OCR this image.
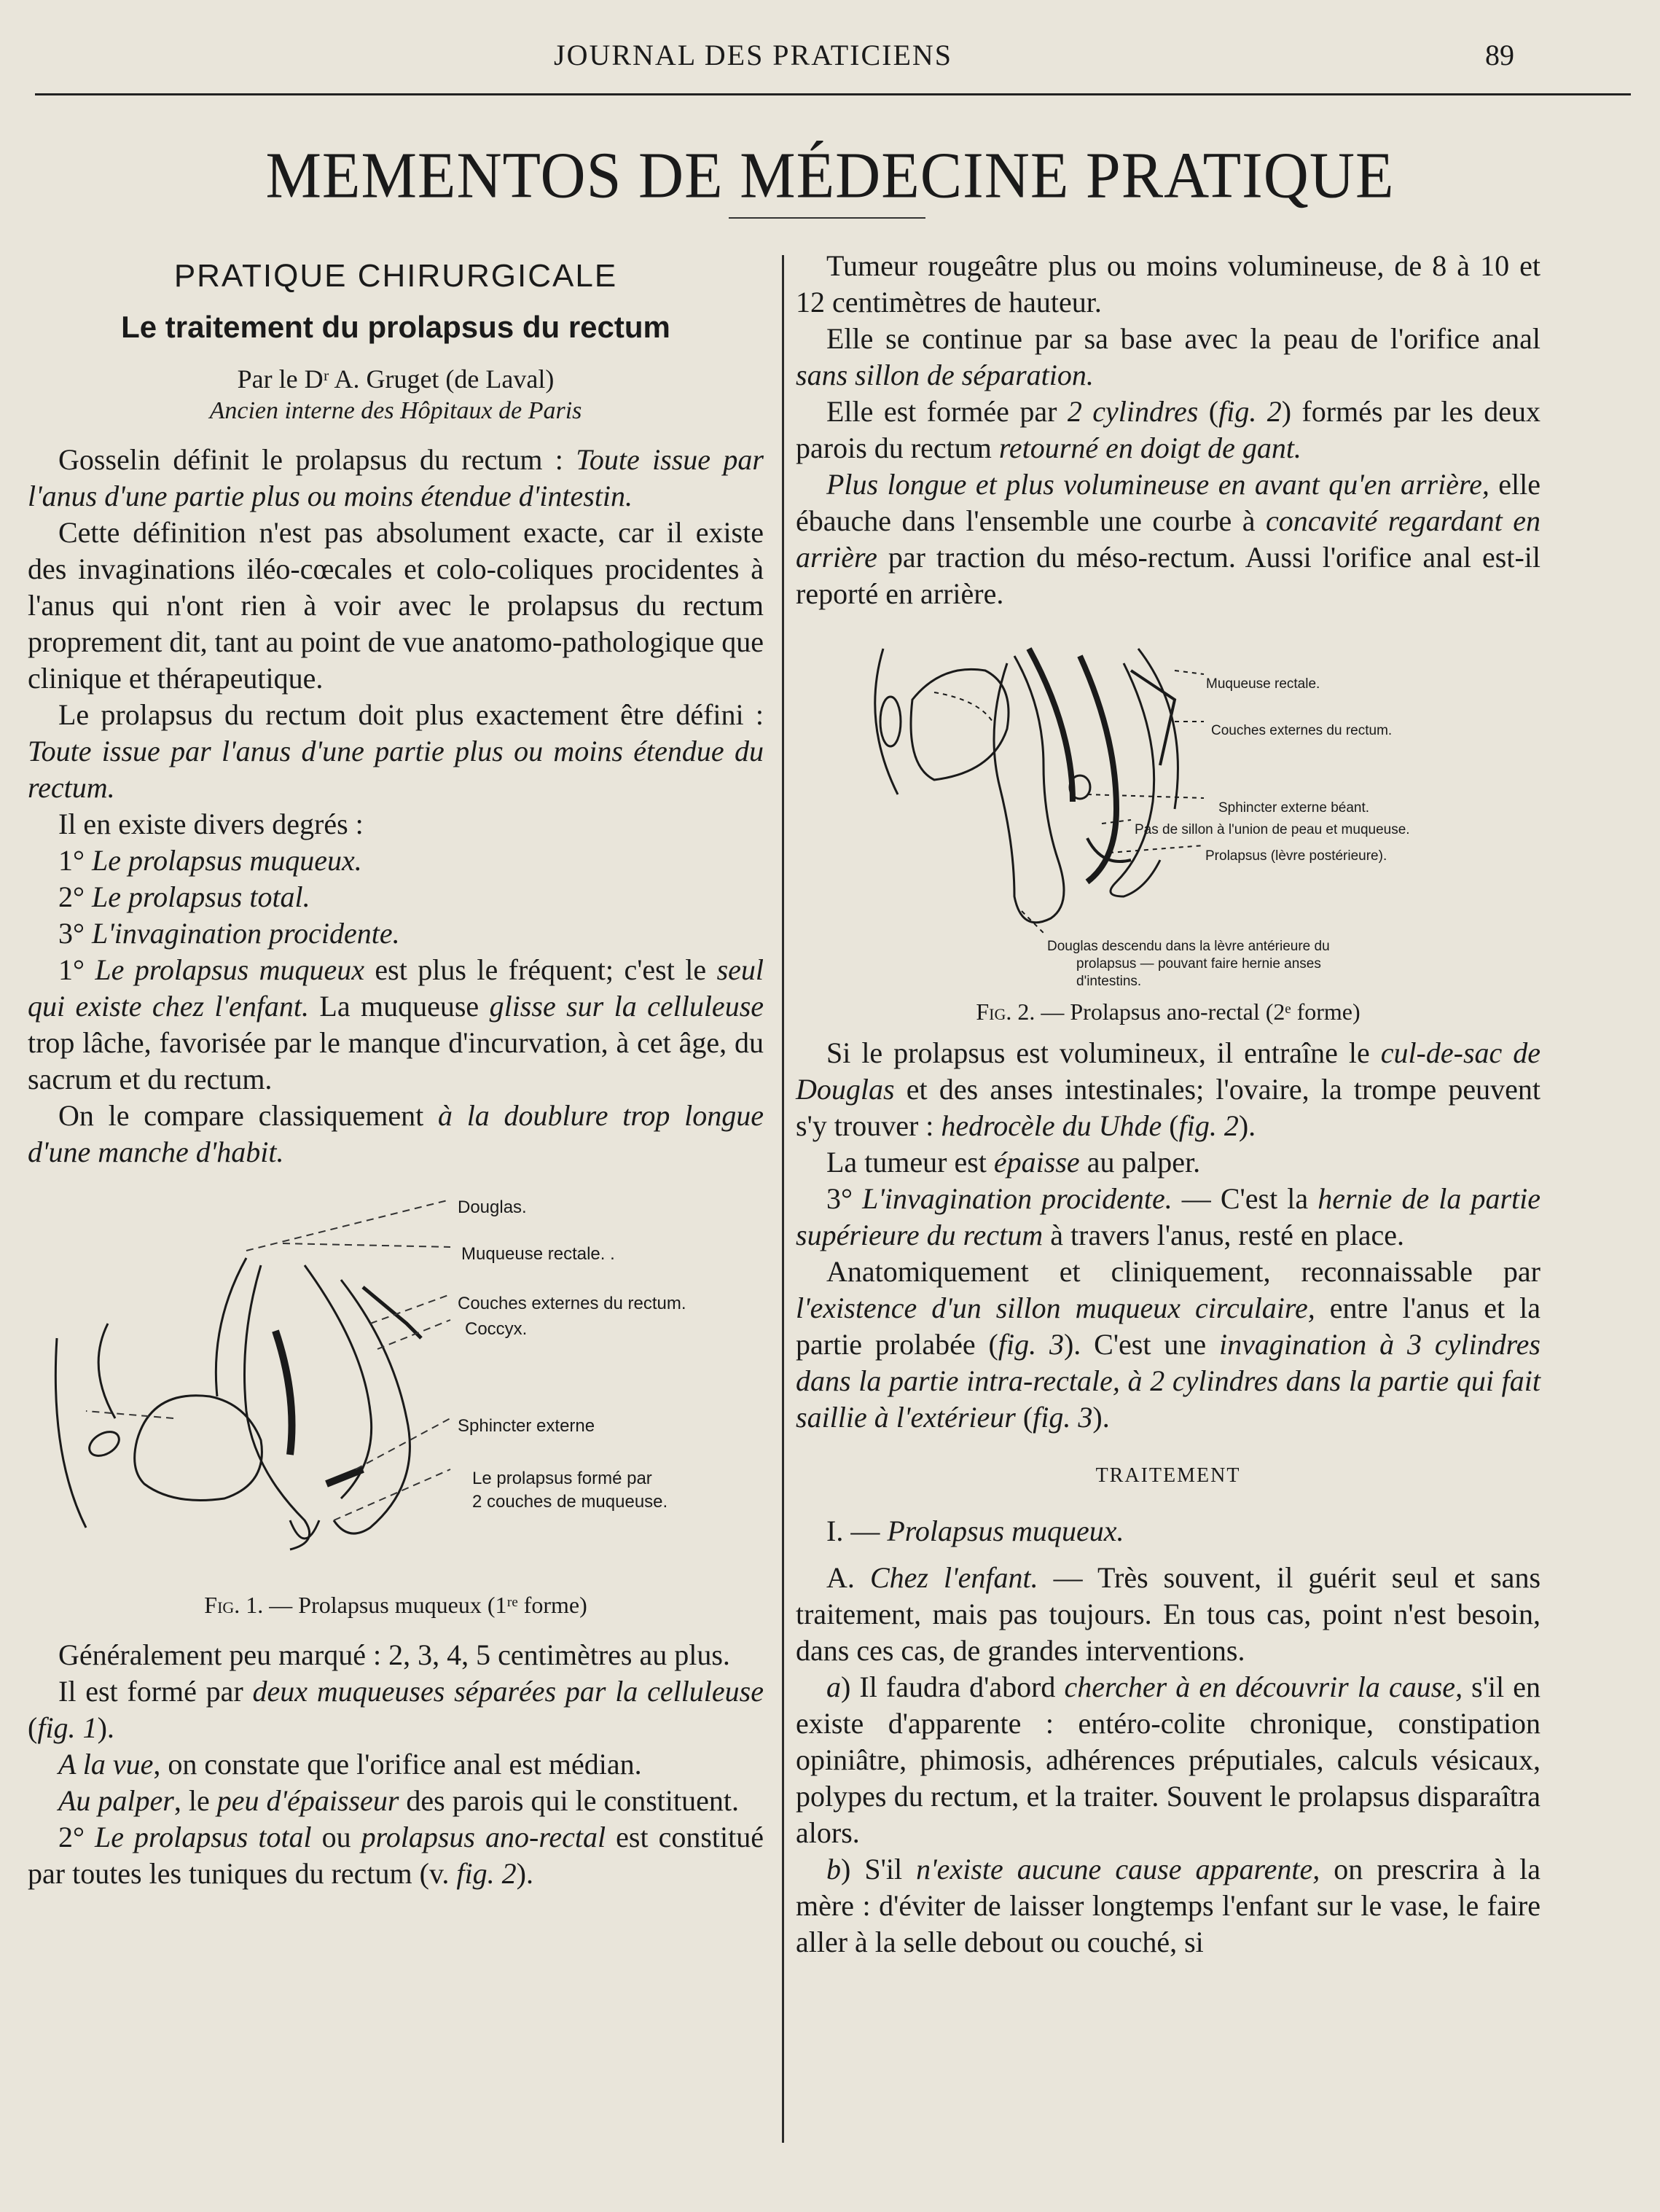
JOURNAL DES PRATICIENS	89
MEMENTOS DE MÉDECINE PRATIQUE
PRATIQUE CHIRURGICALE
Le traitement du prolapsus du rectum
Par le Dʳ A. Gruget (de Laval)
Ancien interne des Hôpitaux de Paris

Gosselin définit le prolapsus du rectum : Toute issue par l'anus d'une partie plus ou moins étendue d'intestin.

Cette définition n'est pas absolument exacte, car il existe des invaginations iléo-cœcales et colo-coliques procidentes à l'anus qui n'ont rien à voir avec le prolapsus du rectum proprement dit, tant au point de vue anatomo-pathologique que clinique et thérapeutique.

Le prolapsus du rectum doit plus exactement être défini : Toute issue par l'anus d'une partie plus ou moins étendue du rectum.

Il en existe divers degrés :

1° Le prolapsus muqueux.

2° Le prolapsus total.

3° L'invagination procidente.

1° Le prolapsus muqueux est plus le fréquent; c'est le seul qui existe chez l'enfant. La muqueuse glisse sur la celluleuse trop lâche, favorisée par le manque d'incurvation, à cet âge, du sacrum et du rectum.

On le compare classiquement à la doublure trop longue d'une manche d'habit.

Douglas.
Muqueuse rectale. .
Couches externes du rectum.
Coccyx.
Sphincter externe
Le prolapsus formé par
2 couches de muqueuse.
Fig. 1. — Prolapsus muqueux (1ʳᵉ forme)

Généralement peu marqué : 2, 3, 4, 5 centimètres au plus.

Il est formé par deux muqueuses séparées par la celluleuse (fig. 1).

A la vue, on constate que l'orifice anal est médian.

Au palper, le peu d'épaisseur des parois qui le constituent.

2° Le prolapsus total ou prolapsus ano-rectal est constitué par toutes les tuniques du rectum (v. fig. 2).

Tumeur rougeâtre plus ou moins volumineuse, de 8 à 10 et 12 centimètres de hauteur.

Elle se continue par sa base avec la peau de l'orifice anal sans sillon de séparation.

Elle est formée par 2 cylindres (fig. 2) formés par les deux parois du rectum retourné en doigt de gant.

Plus longue et plus volumineuse en avant qu'en arrière, elle ébauche dans l'ensemble une courbe à concavité regardant en arrière par traction du méso-rectum. Aussi l'orifice anal est-il reporté en arrière.

Muqueuse rectale.
Couches externes du rectum.
Sphincter externe béant.
Pas de sillon à l'union de peau et muqueuse.
Prolapsus (lèvre postérieure).
Douglas descendu dans la lèvre antérieure du
prolapsus — pouvant faire hernie anses
d'intestins.
Fig. 2. — Prolapsus ano-rectal (2ᵉ forme)

Si le prolapsus est volumineux, il entraîne le cul-de-sac de Douglas et des anses intestinales; l'ovaire, la trompe peuvent s'y trouver : hedrocèle du Uhde (fig. 2).

La tumeur est épaisse au palper.

3° L'invagination procidente. — C'est la hernie de la partie supérieure du rectum à travers l'anus, resté en place.

Anatomiquement et cliniquement, reconnaissable par l'existence d'un sillon muqueux circulaire, entre l'anus et la partie prolabée (fig. 3). C'est une invagination à 3 cylindres dans la partie intra-rectale, à 2 cylindres dans la partie qui fait saillie à l'extérieur (fig. 3).

TRAITEMENT

I. — Prolapsus muqueux.

A. Chez l'enfant. — Très souvent, il guérit seul et sans traitement, mais pas toujours. En tous cas, point n'est besoin, dans ces cas, de grandes interventions.

a) Il faudra d'abord chercher à en découvrir la cause, s'il en existe d'apparente : entéro-colite chronique, constipation opiniâtre, phimosis, adhérences préputiales, calculs vésicaux, polypes du rectum, et la traiter. Souvent le prolapsus disparaîtra alors.

b) S'il n'existe aucune cause apparente, on prescrira à la mère : d'éviter de laisser longtemps l'enfant sur le vase, le faire aller à la selle debout ou couché, si
